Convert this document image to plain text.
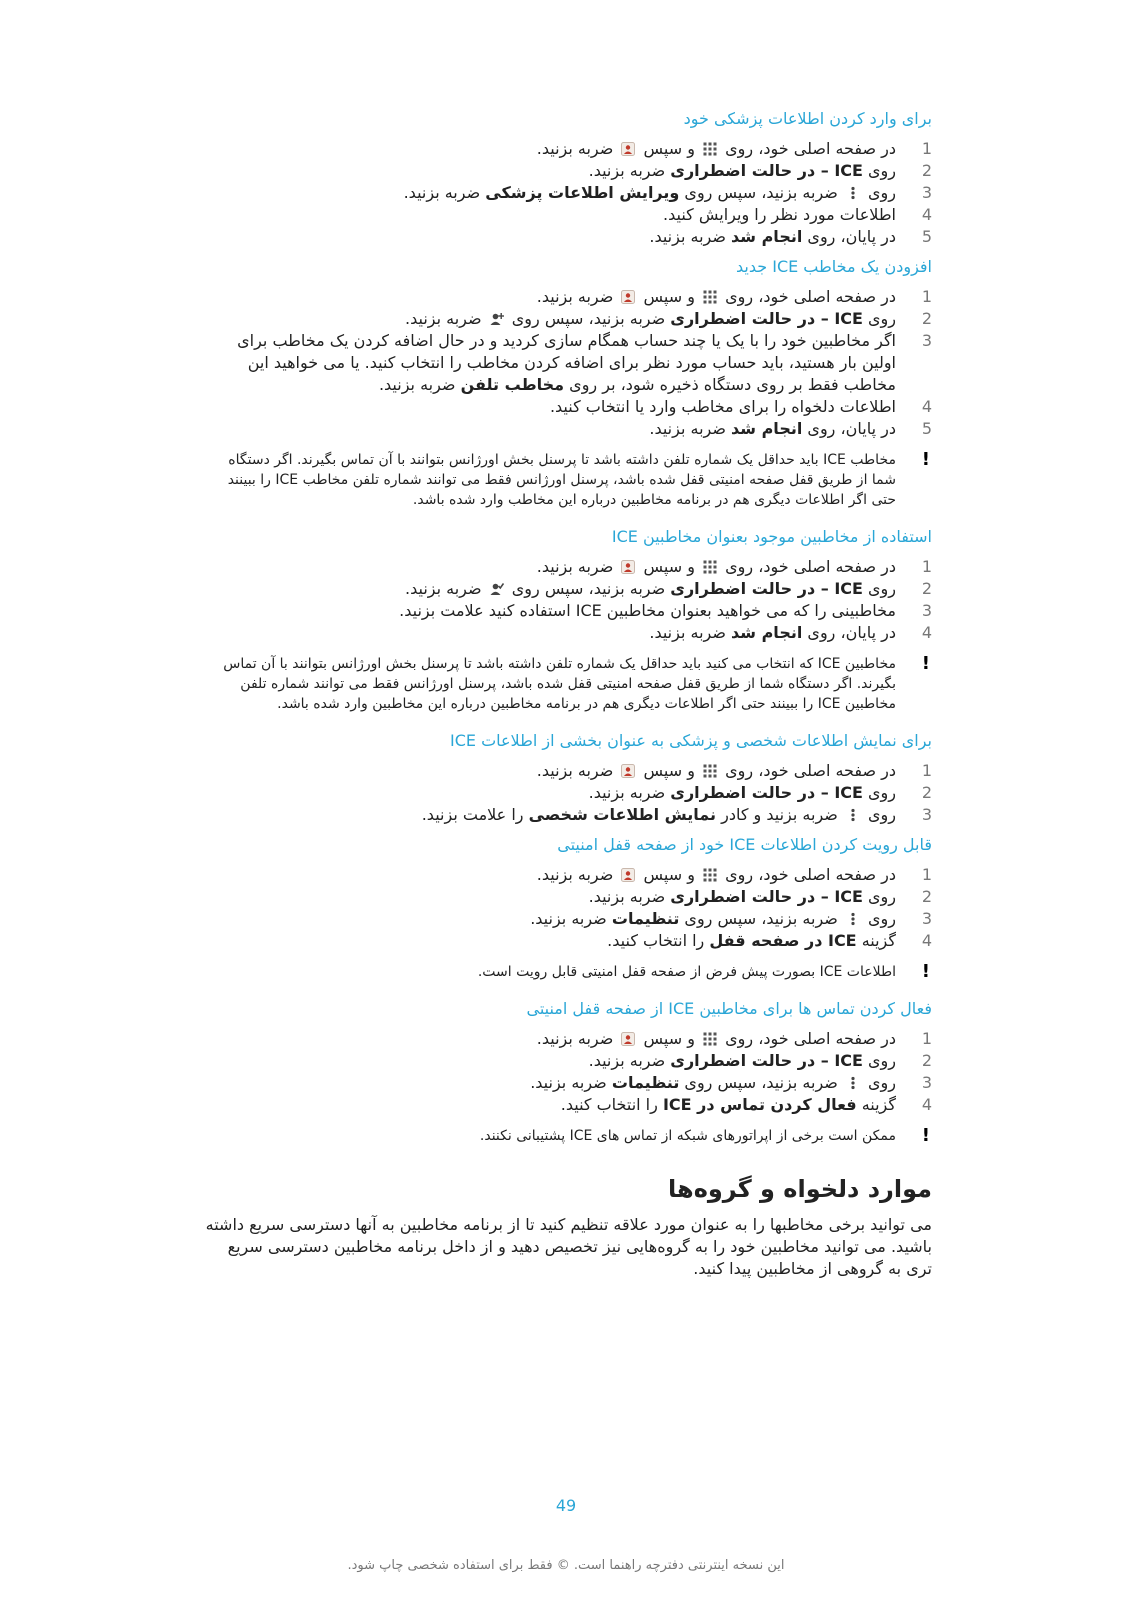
برای وارد کردن اطلاعات پزشکی خود
1
در صفحه اصلی خود، روی
و سپس
ضربه بزنید.
2
روی ICE – در حالت اضطراری ضربه بزنید.
3
روی
ضربه بزنید، سپس روی ویرایش اطلاعات پزشکی ضربه بزنید.
4
اطلاعات مورد نظر را ویرایش کنید.
5
در پایان، روی انجام شد ضربه بزنید.
افزودن یک مخاطب ICE جدید
1
در صفحه اصلی خود، روی
و سپس
ضربه بزنید.
2
روی ICE – در حالت اضطراری ضربه بزنید، سپس روی
ضربه بزنید.
3
اگر مخاطبین خود را با یک یا چند حساب همگام سازی کردید و در حال اضافه کردن یک مخاطب برای اولین بار هستید، باید حساب مورد نظر برای اضافه کردن مخاطب را انتخاب کنید. یا می خواهید این مخاطب فقط بر روی دستگاه ذخیره شود، بر روی مخاطب تلفن ضربه بزنید.
4
اطلاعات دلخواه را برای مخاطب وارد یا انتخاب کنید.
5
در پایان، روی انجام شد ضربه بزنید.
!
مخاطب ICE باید حداقل یک شماره تلفن داشته باشد تا پرسنل بخش اورژانس بتوانند با آن تماس بگیرند. اگر دستگاه شما از طریق قفل صفحه امنیتی قفل شده باشد، پرسنل اورژانس فقط می توانند شماره تلفن مخاطب ICE را ببینند حتی اگر اطلاعات دیگری هم در برنامه مخاطبین درباره این مخاطب وارد شده باشد.
استفاده از مخاطبین موجود بعنوان مخاطبین ICE
1
در صفحه اصلی خود، روی
و سپس
ضربه بزنید.
2
روی ICE – در حالت اضطراری ضربه بزنید، سپس روی
ضربه بزنید.
3
مخاطبینی را که می خواهید بعنوان مخاطبین ICE استفاده کنید علامت بزنید.
4
در پایان، روی انجام شد ضربه بزنید.
!
مخاطبین ICE که انتخاب می کنید باید حداقل یک شماره تلفن داشته باشد تا پرسنل بخش اورژانس بتوانند با آن تماس بگیرند. اگر دستگاه شما از طریق قفل صفحه امنیتی قفل شده باشد، پرسنل اورژانس فقط می توانند شماره تلفن مخاطبین ICE را ببینند حتی اگر اطلاعات دیگری هم در برنامه مخاطبین درباره این مخاطبین وارد شده باشد.
برای نمایش اطلاعات شخصی و پزشکی به عنوان بخشی از اطلاعات ICE
1
در صفحه اصلی خود، روی
و سپس
ضربه بزنید.
2
روی ICE – در حالت اضطراری ضربه بزنید.
3
روی
ضربه بزنید و کادر نمایش اطلاعات شخصی را علامت بزنید.
قابل رویت کردن اطلاعات ICE خود از صفحه قفل امنیتی
1
در صفحه اصلی خود، روی
و سپس
ضربه بزنید.
2
روی ICE – در حالت اضطراری ضربه بزنید.
3
روی
ضربه بزنید، سپس روی تنظیمات ضربه بزنید.
4
گزینه ICE در صفحه قفل را انتخاب کنید.
!
اطلاعات ICE بصورت پیش فرض از صفحه قفل امنیتی قابل رویت است.
فعال کردن تماس ها برای مخاطبین ICE از صفحه قفل امنیتی
1
در صفحه اصلی خود، روی
و سپس
ضربه بزنید.
2
روی ICE – در حالت اضطراری ضربه بزنید.
3
روی
ضربه بزنید، سپس روی تنظیمات ضربه بزنید.
4
گزینه فعال کردن تماس در ICE را انتخاب کنید.
!
ممکن است برخی از اپراتورهای شبکه از تماس های ICE پشتیبانی نکنند.
موارد دلخواه و گروه‌ها

می توانید برخی مخاطبها را به عنوان مورد علاقه تنظیم کنید تا از برنامه مخاطبین به آنها دسترسی سریع داشته باشید. می توانید مخاطبین خود را به گروه‌هایی نیز تخصیص دهید و از داخل برنامه مخاطبین دسترسی سریع تری به گروهی از مخاطبین پیدا کنید.

49
این نسخه اینترنتی دفترچه راهنما است. © فقط برای استفاده شخصی چاپ شود.
